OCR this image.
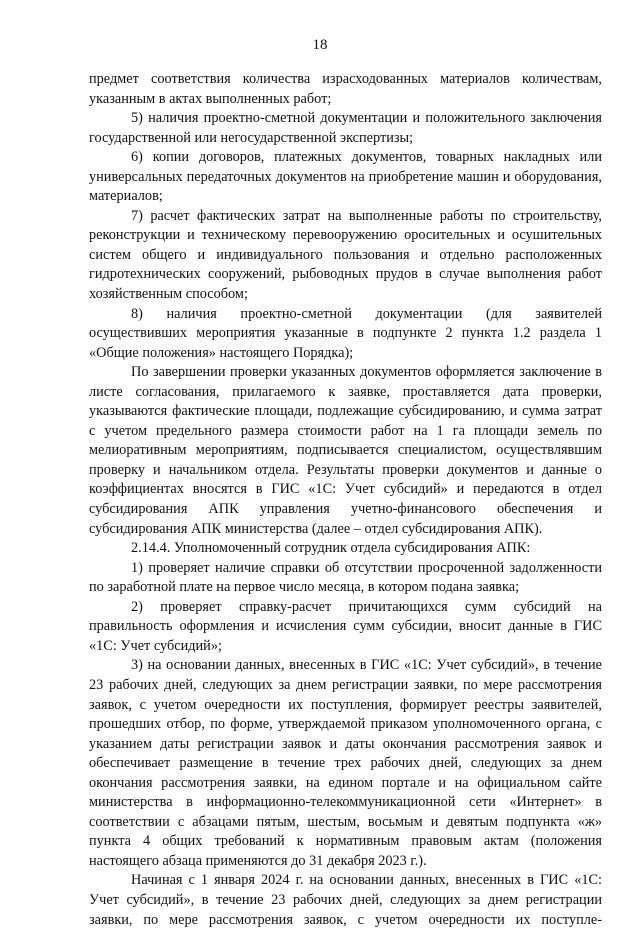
18

предмет соответствия количества израсходованных материалов количествам, указанным в актах выполненных работ;

5) наличия проектно-сметной документации и положительного заключения государственной или негосударственной экспертизы;

6) копии договоров, платежных документов, товарных накладных или универсальных передаточных документов на приобретение машин и оборудования, материалов;

7) расчет фактических затрат на выполненные работы по строительству, реконструкции и техническому перевооружению оросительных и осушительных систем общего и индивидуального пользования и отдельно расположенных гидротехнических сооружений, рыбоводных прудов в случае выполнения работ хозяйственным способом;

8) наличия проектно-сметной документации (для заявителей осуществивших мероприятия указанные в подпункте 2 пункта 1.2 раздела 1 «Общие положения» настоящего Порядка);

По завершении проверки указанных документов оформляется заключение в листе согласования, прилагаемого к заявке, проставляется дата проверки, указываются фактические площади, подлежащие субсидированию, и сумма затрат с учетом предельного размера стоимости работ на 1 га площади земель по мелиоративным мероприятиям, подписывается специалистом, осуществлявшим проверку и начальником отдела. Результаты проверки документов и данные о коэффициентах вносятся в ГИС «1С: Учет субсидий» и передаются в отдел субсидирования АПК управления учетно-финансового обеспечения и субсидирования АПК министерства (далее – отдел субсидирования АПК).

2.14.4. Уполномоченный сотрудник отдела субсидирования АПК:

1) проверяет наличие справки об отсутствии просроченной задолженности по заработной плате на первое число месяца, в котором подана заявка;

2) проверяет справку-расчет причитающихся сумм субсидий на правильность оформления и исчисления сумм субсидии, вносит данные в ГИС «1С: Учет субсидий»;

3) на основании данных, внесенных в ГИС «1С: Учет субсидий», в течение 23 рабочих дней, следующих за днем регистрации заявки, по мере рассмотрения заявок, с учетом очередности их поступления, формирует реестры заявителей, прошедших отбор, по форме, утверждаемой приказом уполномоченного органа, с указанием даты регистрации заявок и даты окончания рассмотрения заявок и обеспечивает размещение в течение трех рабочих дней, следующих за днем окончания рассмотрения заявки, на едином портале и на официальном сайте министерства в информационно-телекоммуникационной сети «Интернет» в соответствии с абзацами пятым, шестым, восьмым и девятым подпункта «ж» пункта 4 общих требований к нормативным правовым актам (положения настоящего абзаца применяются до 31 декабря 2023 г.).

Начиная с 1 января 2024 г. на основании данных, внесенных в ГИС «1С: Учет субсидий», в течение 23 рабочих дней, следующих за днем регистрации заявки, по мере рассмотрения заявок, с учетом очередности их поступле-
